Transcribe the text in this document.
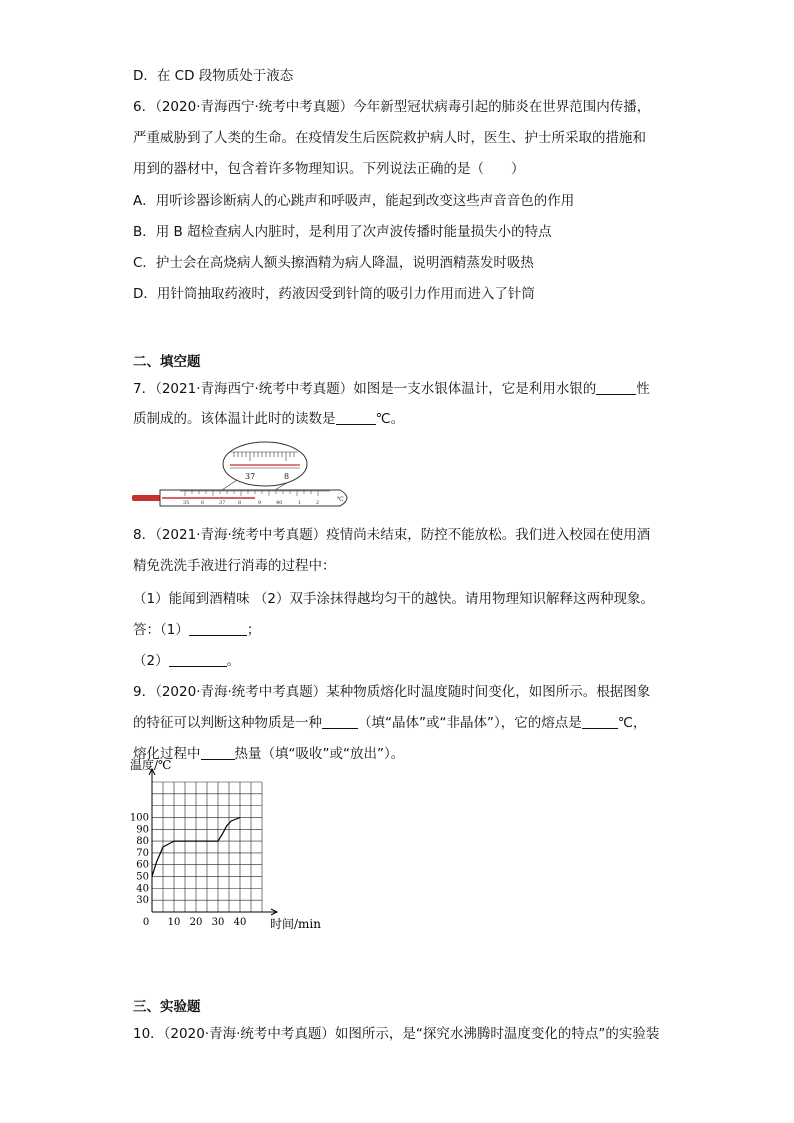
D．在 CD 段物质处于液态
6．（2020·青海西宁·统考中考真题）今年新型冠状病毒引起的肺炎在世界范围内传播，
严重威胁到了人类的生命。在疫情发生后医院救护病人时，医生、护士所采取的措施和
用到的器材中，包含着许多物理知识。下列说法正确的是（　　）
A．用听诊器诊断病人的心跳声和呼吸声，能起到改变这些声音音色的作用
B．用 B 超检查病人内脏时，是利用了次声波传播时能量损失小的特点
C．护士会在高烧病人额头擦酒精为病人降温，说明酒精蒸发时吸热
D．用针筒抽取药液时，药液因受到针筒的吸引力作用而进入了针筒
二、填空题
7．（2021·青海西宁·统考中考真题）如图是一支水银体温计，它是利用水银的	性
质制成的。该体温计此时的读数是	℃。
35 6	37	8	9	40	1	2	℃
37	8
8．（2021·青海·统考中考真题）疫情尚未结束，防控不能放松。我们进入校园在使用酒
精免洗洗手液进行消毒的过程中：
（1）能闻到酒精味 （2）双手涂抹得越均匀干的越快。请用物理知识解释这两种现象。
答：（1）	；
（2）	。
9．（2020·青海·统考中考真题）某种物质熔化时温度随时间变化，如图所示。根据图象
的特征可以判断这种物质是一种	（填“晶体”或“非晶体”），它的熔点是	℃，
熔化过程中	热量（填“吸收”或“放出”）。
30
40
50
60
70
80
90
100
0 10 20 30 40
温度/℃
时间/min
三、实验题
10．（2020·青海·统考中考真题）如图所示，是“探究水沸腾时温度变化的特点”的实验装
